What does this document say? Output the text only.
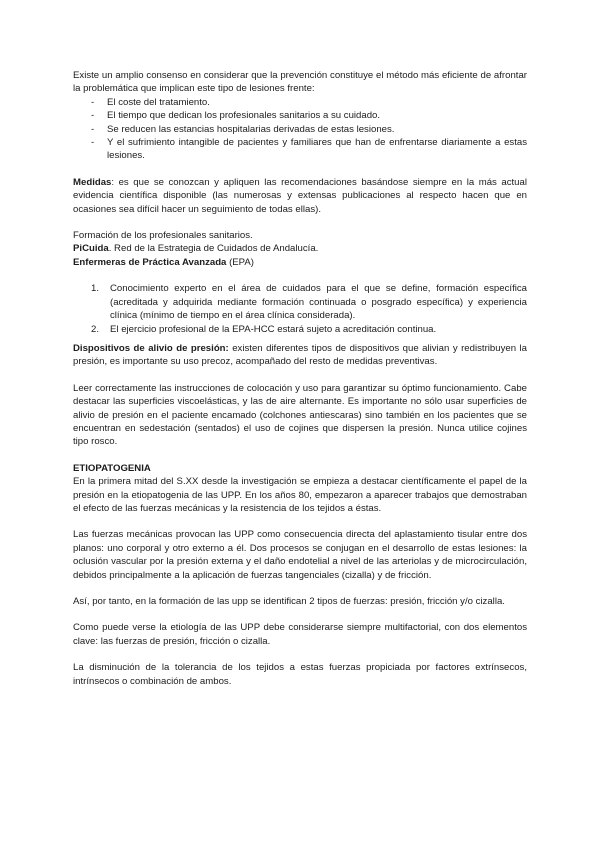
Existe un amplio consenso en considerar que la prevención constituye el método más eficiente de afrontar la problemática que implican este tipo de lesiones frente:

- El coste del tratamiento.
- El tiempo que dedican los profesionales sanitarios a su cuidado.
- Se reducen las estancias hospitalarias derivadas de estas lesiones.
- Y el sufrimiento intangible de pacientes y familiares que han de enfrentarse diariamente a estas lesiones.

Medidas: es que se conozcan y apliquen las recomendaciones basándose siempre en la más actual evidencia científica disponible (las numerosas y extensas publicaciones al respecto hacen que en ocasiones sea difícil hacer un seguimiento de todas ellas).

Formación de los profesionales sanitarios.

PiCuida. Red de la Estrategia de Cuidados de Andalucía.

Enfermeras de Práctica Avanzada (EPA)

1. Conocimiento experto en el área de cuidados para el que se define, formación específica (acreditada y adquirida mediante formación continuada o posgrado específica) y experiencia clínica (mínimo de tiempo en el área clínica considerada).
2. El ejercicio profesional de la EPA-HCC estará sujeto a acreditación continua.

Dispositivos de alivio de presión: existen diferentes tipos de dispositivos que alivian y redistribuyen la presión, es importante su uso precoz, acompañado del resto de medidas preventivas.

Leer correctamente las instrucciones de colocación y uso para garantizar su óptimo funcionamiento. Cabe destacar las superficies viscoelásticas, y las de aire alternante. Es importante no sólo usar superficies de alivio de presión en el paciente encamado (colchones antiescaras) sino también en los pacientes que se encuentran en sedestación (sentados) el uso de cojines que dispersen la presión. Nunca utilice cojines tipo rosco.

ETIOPATOGENIA

En la primera mitad del S.XX desde la investigación se empieza a destacar científicamente el papel de la presión en la etiopatogenia de las UPP. En los años 80, empezaron a aparecer trabajos que demostraban el efecto de las fuerzas mecánicas y la resistencia de los tejidos a éstas.

Las fuerzas mecánicas provocan las UPP como consecuencia directa del aplastamiento tisular entre dos planos: uno corporal y otro externo a él. Dos procesos se conjugan en el desarrollo de estas lesiones: la oclusión vascular por la presión externa y el daño endotelial a nivel de las arteriolas y de microcirculación, debidos principalmente a la aplicación de fuerzas tangenciales (cizalla) y de fricción.

Así, por tanto, en la formación de las upp se identifican 2 tipos de fuerzas: presión, fricción y/o cizalla.

Como puede verse la etiología de las UPP debe considerarse siempre multifactorial, con dos elementos clave: las fuerzas de presión, fricción o cizalla.

La disminución de la tolerancia de los tejidos a estas fuerzas propiciada por factores extrínsecos, intrínsecos o combinación de ambos.
